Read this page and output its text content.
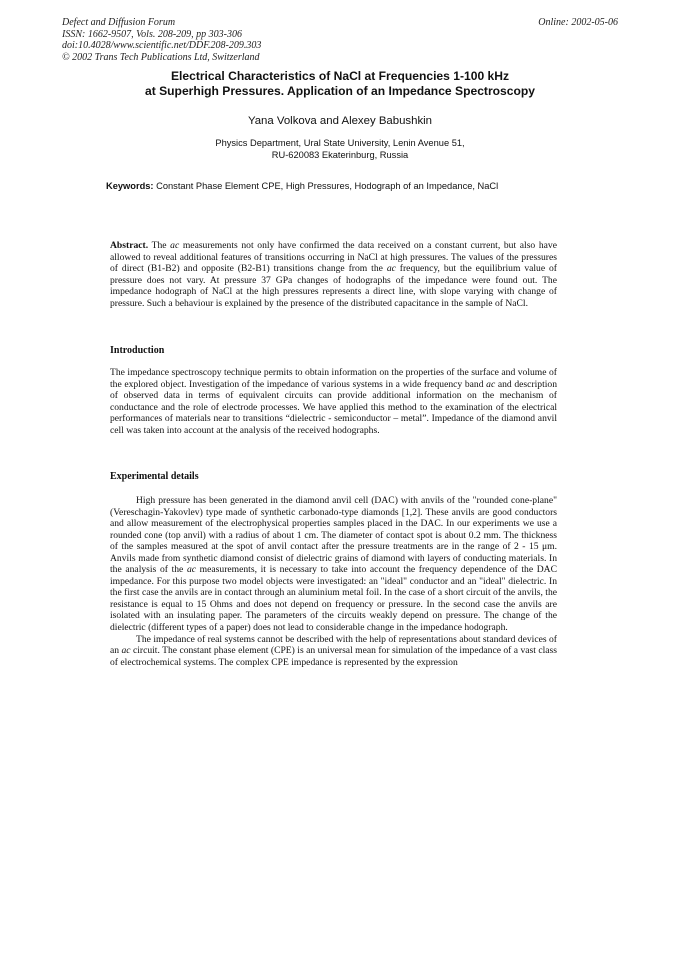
Defect and Diffusion Forum
ISSN: 1662-9507, Vols. 208-209, pp 303-306
doi:10.4028/www.scientific.net/DDF.208-209.303
© 2002 Trans Tech Publications Ltd, Switzerland
Online: 2002-05-06
Electrical Characteristics of NaCl at Frequencies 1-100 kHz
at Superhigh Pressures. Application of an Impedance Spectroscopy
Yana Volkova and Alexey Babushkin
Physics Department, Ural State University, Lenin Avenue 51,
RU-620083 Ekaterinburg, Russia
Keywords: Constant Phase Element CPE, High Pressures, Hodograph of an Impedance, NaCl

Abstract. The ac measurements not only have confirmed the data received on a constant current, but also have allowed to reveal additional features of transitions occurring in NaCl at high pressures. The values of the pressures of direct (B1-B2) and opposite (B2-B1) transitions change from the ac frequency, but the equilibrium value of pressure does not vary. At pressure 37 GPa changes of hodographs of the impedance were found out. The impedance hodograph of NaCl at the high pressures represents a direct line, with slope varying with change of pressure. Such a behaviour is explained by the presence of the distributed capacitance in the sample of NaCl.

Introduction

The impedance spectroscopy technique permits to obtain information on the properties of the surface and volume of the explored object. Investigation of the impedance of various systems in a wide frequency band ac and description of observed data in terms of equivalent circuits can provide additional information on the mechanism of conductance and the role of electrode processes. We have applied this method to the examination of the electrical performances of materials near to transitions “dielectric - semiconductor – metal”. Impedance of the diamond anvil cell was taken into account at the analysis of the received hodographs.

Experimental details

High pressure has been generated in the diamond anvil cell (DAC) with anvils of the "rounded cone-plane" (Vereschagin-Yakovlev) type made of synthetic carbonado-type diamonds [1,2]. These anvils are good conductors and allow measurement of the electrophysical properties samples placed in the DAC. In our experiments we use a rounded cone (top anvil) with a radius of about 1 cm. The diameter of contact spot is about 0.2 mm. The thickness of the samples measured at the spot of anvil contact after the pressure treatments are in the range of 2 - 15 μm. Anvils made from synthetic diamond consist of dielectric grains of diamond with layers of conducting materials. In the analysis of the ac measurements, it is necessary to take into account the frequency dependence of the DAC impedance. For this purpose two model objects were investigated: an "ideal" conductor and an "ideal" dielectric. In the first case the anvils are in contact through an aluminium metal foil. In the case of a short circuit of the anvils, the resistance is equal to 15 Ohms and does not depend on frequency or pressure. In the second case the anvils are isolated with an insulating paper. The parameters of the circuits weakly depend on pressure. The change of the dielectric (different types of a paper) does not lead to considerable change in the impedance hodograph.

The impedance of real systems cannot be described with the help of representations about standard devices of an ac circuit. The constant phase element (CPE) is an universal mean for simulation of the impedance of a vast class of electrochemical systems. The complex CPE impedance is represented by the expression
